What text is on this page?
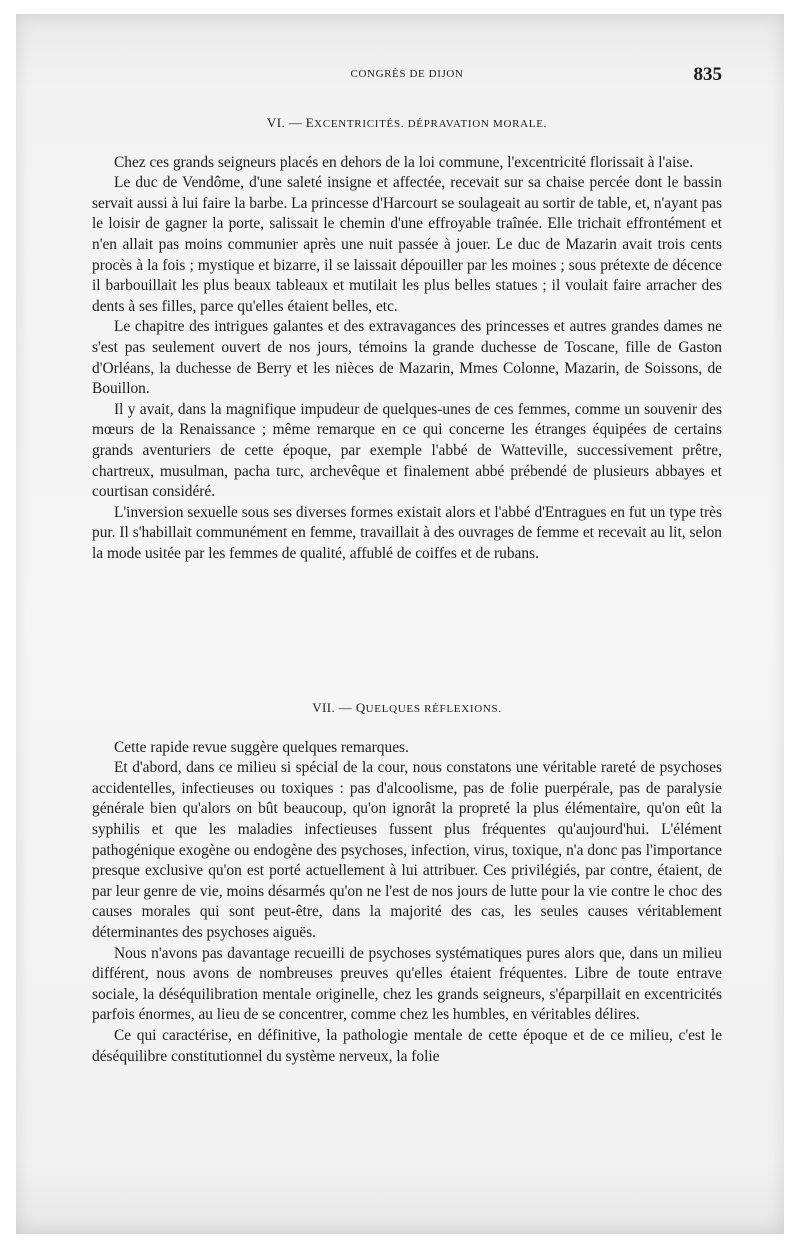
CONGRÈS DE DIJON	835
VI. — EXCENTRICITÉS. DÉPRAVATION MORALE.

Chez ces grands seigneurs placés en dehors de la loi commune, l'excentricité florissait à l'aise.

Le duc de Vendôme, d'une saleté insigne et affectée, recevait sur sa chaise percée dont le bassin servait aussi à lui faire la barbe. La princesse d'Harcourt se soulageait au sortir de table, et, n'ayant pas le loisir de gagner la porte, salissait le chemin d'une effroyable traînée. Elle trichait effrontément et n'en allait pas moins communier après une nuit passée à jouer. Le duc de Mazarin avait trois cents procès à la fois ; mystique et bizarre, il se laissait dépouiller par les moines ; sous prétexte de décence il barbouillait les plus beaux tableaux et mutilait les plus belles statues ; il voulait faire arracher des dents à ses filles, parce qu'elles étaient belles, etc.

Le chapitre des intrigues galantes et des extravagances des princesses et autres grandes dames ne s'est pas seulement ouvert de nos jours, témoins la grande duchesse de Toscane, fille de Gaston d'Orléans, la duchesse de Berry et les nièces de Mazarin, Mmes Colonne, Mazarin, de Soissons, de Bouillon.

Il y avait, dans la magnifique impudeur de quelques-unes de ces femmes, comme un souvenir des mœurs de la Renaissance ; même remarque en ce qui concerne les étranges équipées de certains grands aventuriers de cette époque, par exemple l'abbé de Watteville, successivement prêtre, chartreux, musulman, pacha turc, archevêque et finalement abbé prébendé de plusieurs abbayes et courtisan considéré.

L'inversion sexuelle sous ses diverses formes existait alors et l'abbé d'Entragues en fut un type très pur. Il s'habillait communément en femme, travaillait à des ouvrages de femme et recevait au lit, selon la mode usitée par les femmes de qualité, affublé de coiffes et de rubans.

VII. — QUELQUES RÉFLEXIONS.

Cette rapide revue suggère quelques remarques.

Et d'abord, dans ce milieu si spécial de la cour, nous constatons une véritable rareté de psychoses accidentelles, infectieuses ou toxiques : pas d'alcoolisme, pas de folie puerpérale, pas de paralysie générale bien qu'alors on bût beaucoup, qu'on ignorât la propreté la plus élémentaire, qu'on eût la syphilis et que les maladies infectieuses fussent plus fréquentes qu'aujourd'hui. L'élément pathogénique exogène ou endogène des psychoses, infection, virus, toxique, n'a donc pas l'importance presque exclusive qu'on est porté actuellement à lui attribuer. Ces privilégiés, par contre, étaient, de par leur genre de vie, moins désarmés qu'on ne l'est de nos jours de lutte pour la vie contre le choc des causes morales qui sont peut-être, dans la majorité des cas, les seules causes véritablement déterminantes des psychoses aiguës.

Nous n'avons pas davantage recueilli de psychoses systématiques pures alors que, dans un milieu différent, nous avons de nombreuses preuves qu'elles étaient fréquentes. Libre de toute entrave sociale, la déséquilibration mentale originelle, chez les grands seigneurs, s'éparpillait en excentricités parfois énormes, au lieu de se concentrer, comme chez les humbles, en véritables délires.

Ce qui caractérise, en définitive, la pathologie mentale de cette époque et de ce milieu, c'est le déséquilibre constitutionnel du système nerveux, la folie
